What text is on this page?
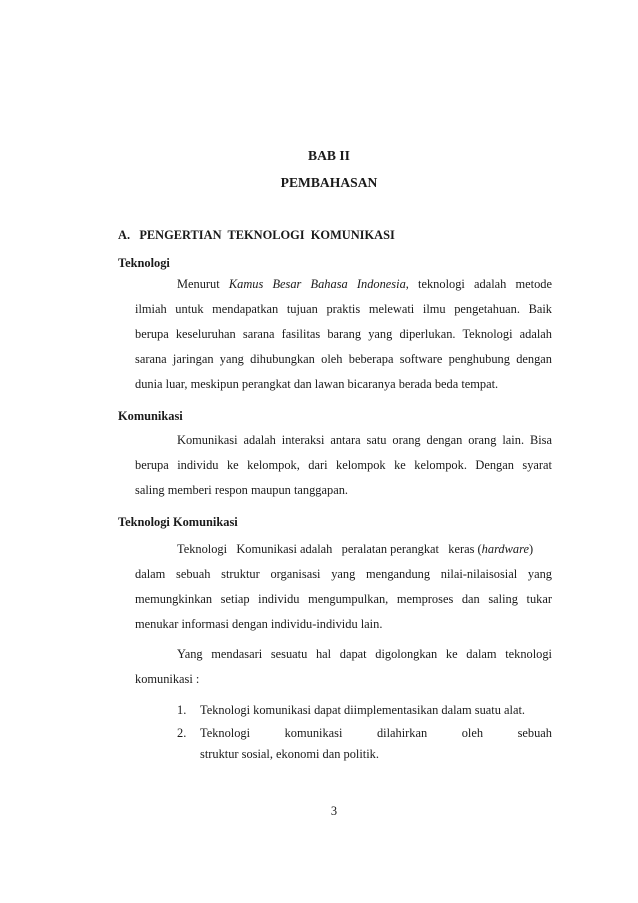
BAB II
PEMBAHASAN
A.   PENGERTIAN  TEKNOLOGI  KOMUNIKASI
Teknologi
Menurut Kamus Besar Bahasa Indonesia, teknologi adalah metode
ilmiah untuk mendapatkan tujuan praktis melewati ilmu pengetahuan. Baik
berupa keseluruhan sarana fasilitas barang yang diperlukan. Teknologi adalah
sarana jaringan yang dihubungkan oleh beberapa software penghubung dengan
dunia luar, meskipun perangkat dan lawan bicaranya berada beda tempat.
Komunikasi
Komunikasi adalah interaksi antara satu orang dengan orang lain. Bisa
berupa individu ke kelompok, dari kelompok ke kelompok. Dengan syarat
saling memberi respon maupun tanggapan.
Teknologi Komunikasi
Teknologi   Komunikasi adalah   peralatan perangkat   keras (hardware)
dalam sebuah struktur organisasi yang mengandung nilai-nilaisosial yang
memungkinkan setiap individu mengumpulkan, memproses dan saling tukar
menukar informasi dengan individu-individu lain.
Yang mendasari sesuatu hal dapat digolongkan ke dalam teknologi
komunikasi :
1. Teknologi komunikasi dapat diimplementasikan dalam suatu alat.
2. Teknologi komunikasi dilahirkan oleh sebuah
struktur sosial, ekonomi dan politik.
3
